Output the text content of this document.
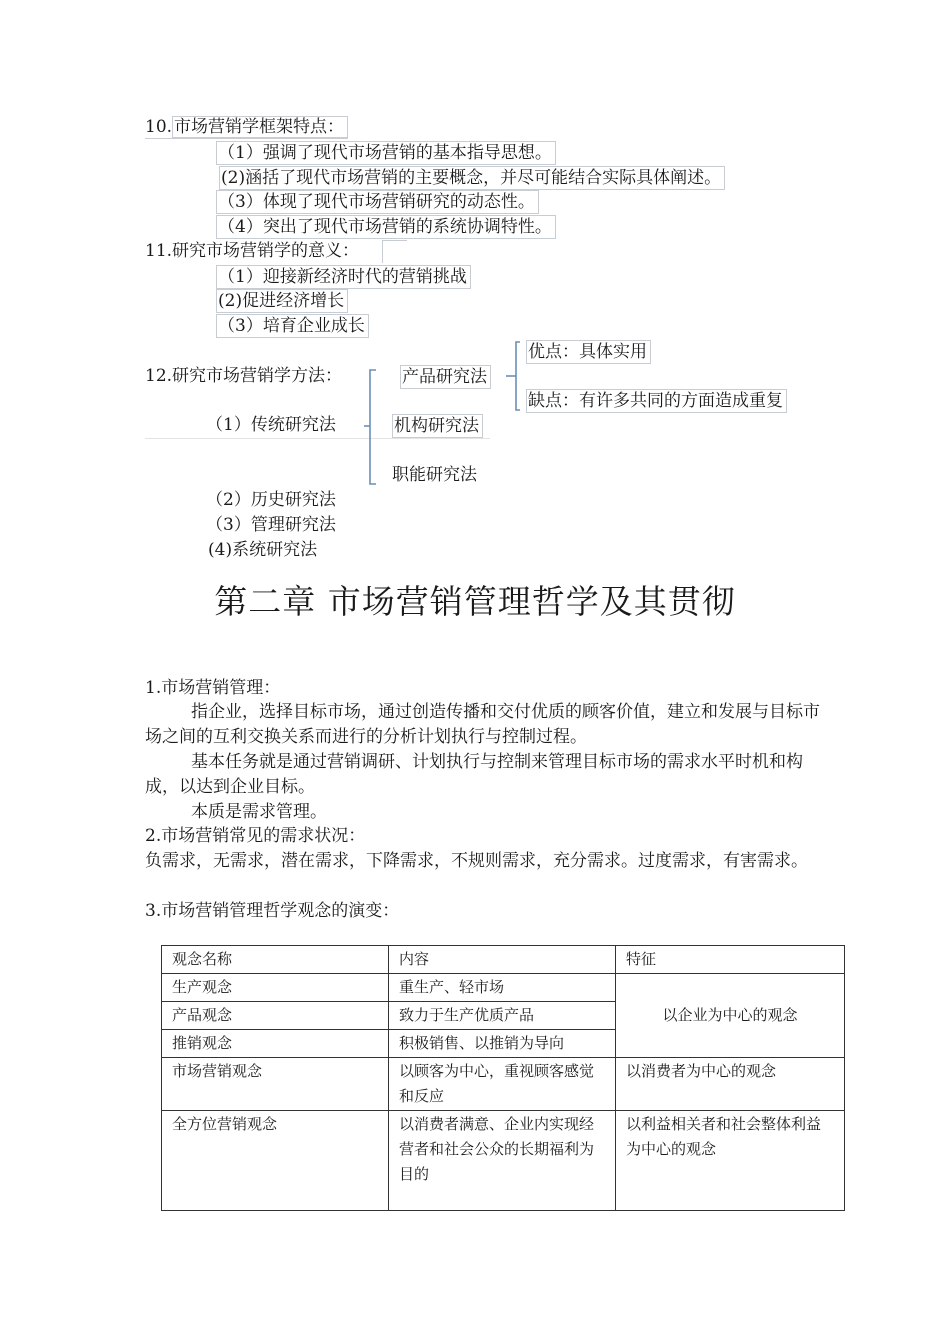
10. 市场营销学框架特点：
（1）强调了现代市场营销的基本指导思想。
(2)涵括了现代市场营销的主要概念，并尽可能结合实际具体阐述。
（3）体现了现代市场营销研究的动态性。
（4）突出了现代市场营销的系统协调特性。
11.研究市场营销学的意义：
（1）迎接新经济时代的营销挑战
(2)促进经济增长
（3）培育企业成长
12.研究市场营销学方法：
（1）传统研究法
产品研究法
优点：具体实用
缺点：有许多共同的方面造成重复
机构研究法
职能研究法
（2）历史研究法
（3）管理研究法
(4)系统研究法
第二章 市场营销管理哲学及其贯彻
1.市场营销管理：
指企业，选择目标市场，通过创造传播和交付优质的顾客价值，建立和发展与目标市场之间的互利交换关系而进行的分析计划执行与控制过程。
基本任务就是通过营销调研、计划执行与控制来管理目标市场的需求水平时机和构成，以达到企业目标。
本质是需求管理。
2.市场营销常见的需求状况：
负需求，无需求，潜在需求，下降需求，不规则需求，充分需求。过度需求，有害需求。
3.市场营销管理哲学观念的演变：
观念名称	内容	特征
生产观念	重生产、轻市场	以企业为中心的观念
产品观念	致力于生产优质产品	
推销观念	积极销售、以推销为导向	
市场营销观念	以顾客为中心，重视顾客感觉和反应	以消费者为中心的观念
全方位营销观念	以消费者满意、企业内实现经营者和社会公众的长期福利为目的	以利益相关者和社会整体利益为中心的观念
